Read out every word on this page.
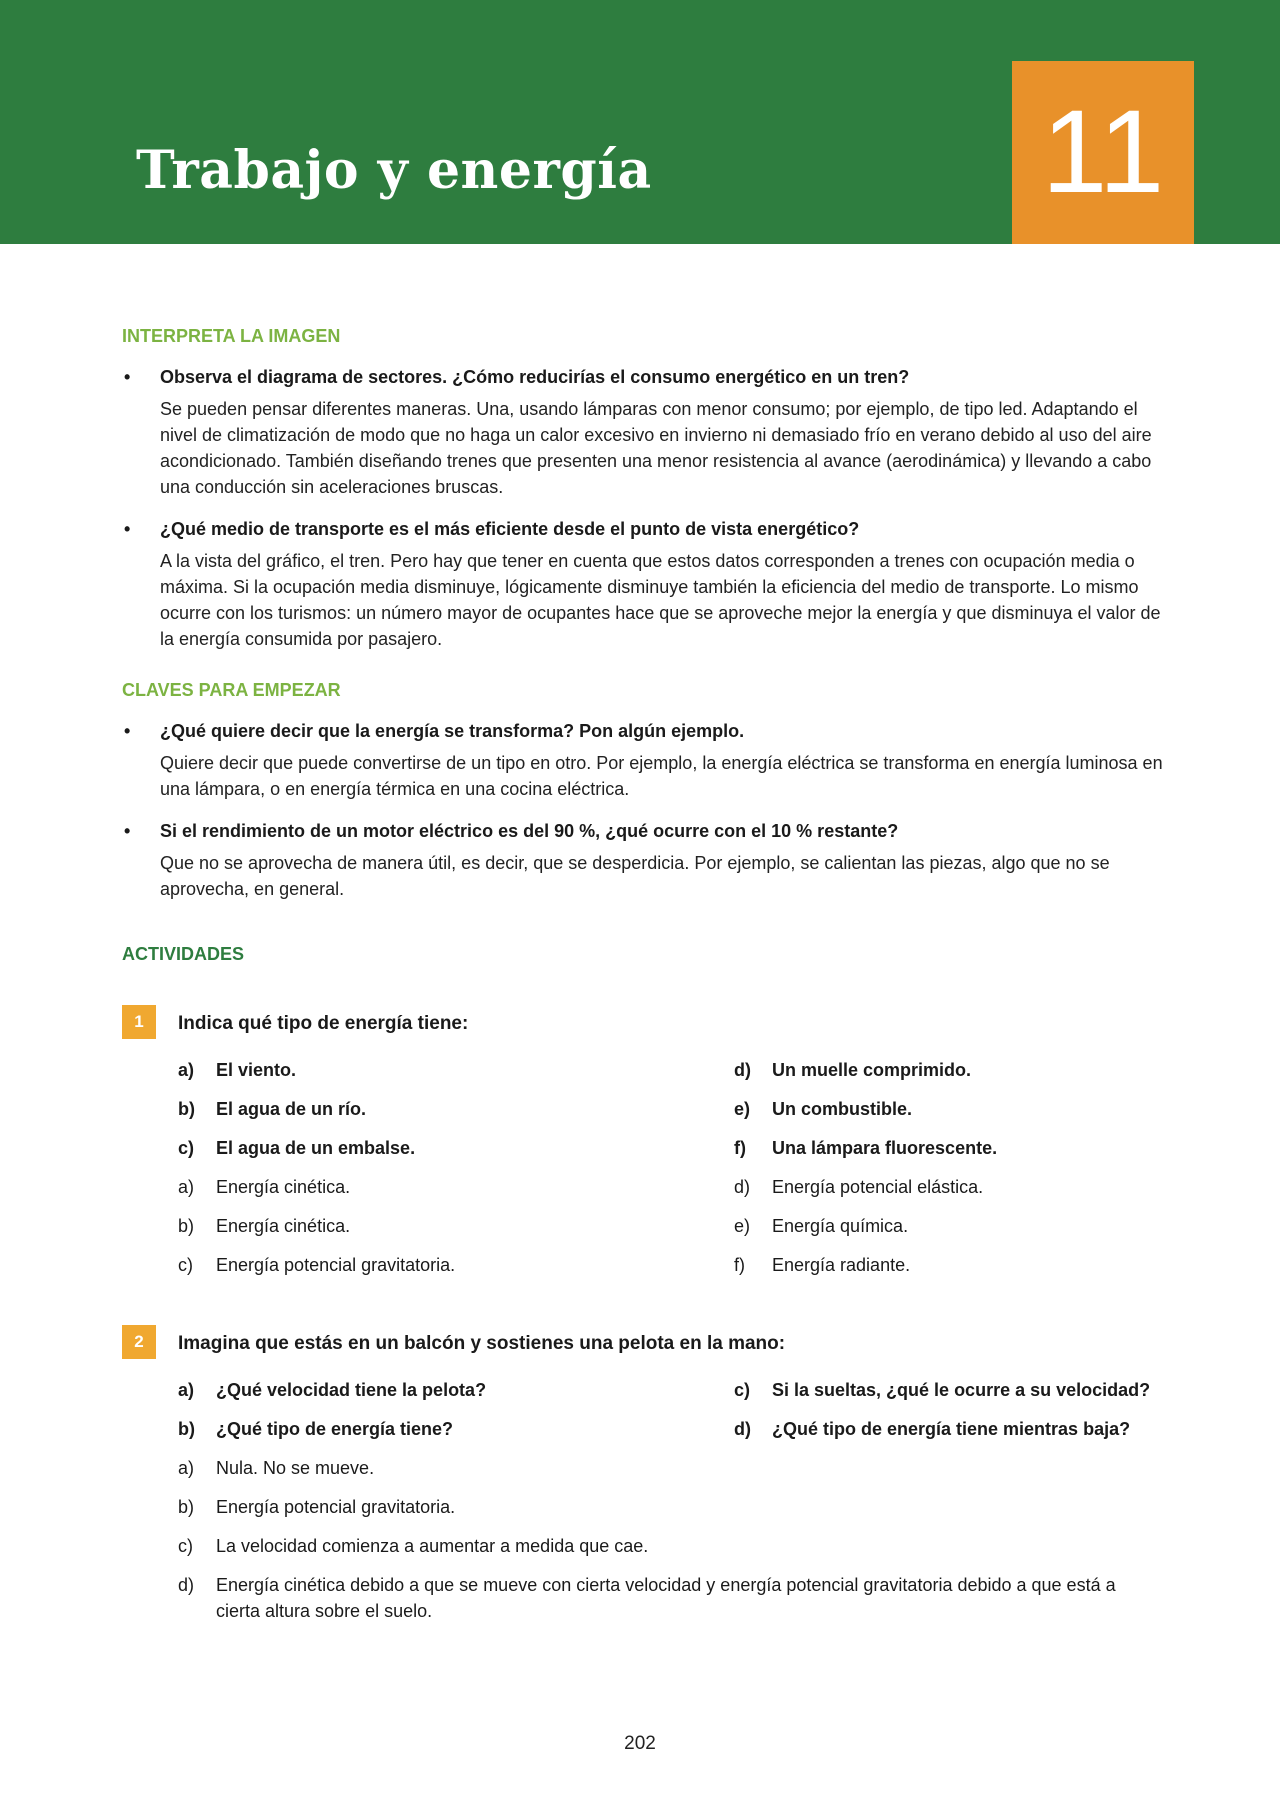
Trabajo y energía	11
INTERPRETA LA IMAGEN
• Observa el diagrama de sectores. ¿Cómo reducirías el consumo energético en un tren?
Se pueden pensar diferentes maneras. Una, usando lámparas con menor consumo; por ejemplo, de tipo led. Adaptando el nivel de climatización de modo que no haga un calor excesivo en invierno ni demasiado frío en verano debido al uso del aire acondicionado. También diseñando trenes que presenten una menor resistencia al avance (aerodinámica) y llevando a cabo una conducción sin aceleraciones bruscas.
• ¿Qué medio de transporte es el más eficiente desde el punto de vista energético?
A la vista del gráfico, el tren. Pero hay que tener en cuenta que estos datos corresponden a trenes con ocupación media o máxima. Si la ocupación media disminuye, lógicamente disminuye también la eficiencia del medio de transporte. Lo mismo ocurre con los turismos: un número mayor de ocupantes hace que se aproveche mejor la energía y que disminuya el valor de la energía consumida por pasajero.
CLAVES PARA EMPEZAR
• ¿Qué quiere decir que la energía se transforma? Pon algún ejemplo.
Quiere decir que puede convertirse de un tipo en otro. Por ejemplo, la energía eléctrica se transforma en energía luminosa en una lámpara, o en energía térmica en una cocina eléctrica.
• Si el rendimiento de un motor eléctrico es del 90 %, ¿qué ocurre con el 10 % restante?
Que no se aprovecha de manera útil, es decir, que se desperdicia. Por ejemplo, se calientan las piezas, algo que no se aprovecha, en general.
ACTIVIDADES
1	Indica qué tipo de energía tiene:
a) El viento.
b) El agua de un río.
c) El agua de un embalse.
d) Un muelle comprimido.
e) Un combustible.
f) Una lámpara fluorescente.
a) Energía cinética.
b) Energía cinética.
c) Energía potencial gravitatoria.
d) Energía potencial elástica.
e) Energía química.
f) Energía radiante.
2	Imagina que estás en un balcón y sostienes una pelota en la mano:
a) ¿Qué velocidad tiene la pelota?
b) ¿Qué tipo de energía tiene?
c) Si la sueltas, ¿qué le ocurre a su velocidad?
d) ¿Qué tipo de energía tiene mientras baja?
a) Nula. No se mueve.
b) Energía potencial gravitatoria.
c) La velocidad comienza a aumentar a medida que cae.
d) Energía cinética debido a que se mueve con cierta velocidad y energía potencial gravitatoria debido a que está a cierta altura sobre el suelo.
202
